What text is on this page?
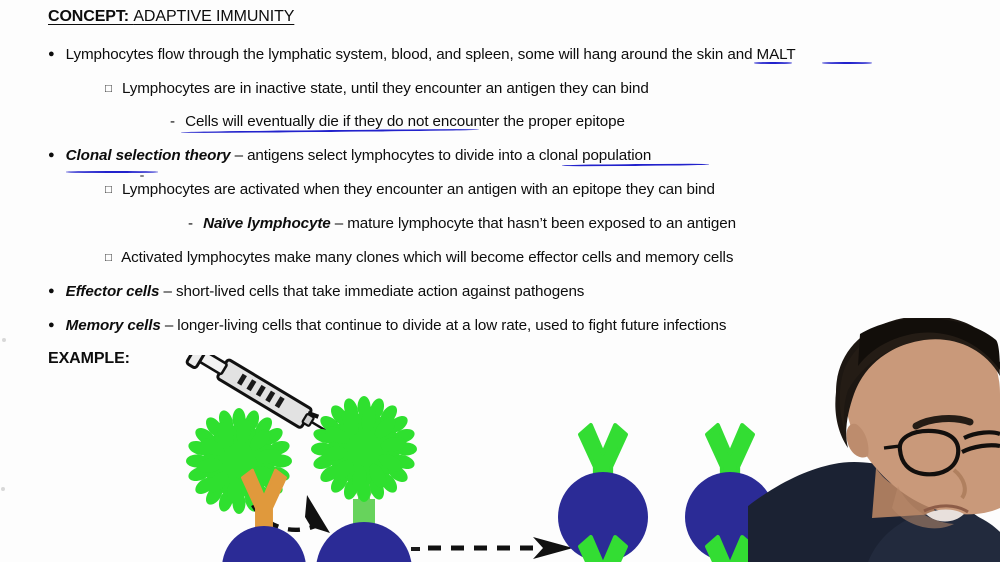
CONCEPT: ADAPTIVE IMMUNITY
● Lymphocytes flow through the lymphatic system, blood, and spleen, some will hang around the skin and MALT
□ Lymphocytes are in inactive state, until they encounter an antigen they can bind
- Cells will eventually die if they do not encounter the proper epitope
● Clonal selection theory – antigens select lymphocytes to divide into a clonal population
□ Lymphocytes are activated when they encounter an antigen with an epitope they can bind
- Naïve lymphocyte – mature lymphocyte that hasn’t been exposed to an antigen
□ Activated lymphocytes make many clones which will become effector cells and memory cells
● Effector cells – short-lived cells that take immediate action against pathogens
● Memory cells – longer-living cells that continue to divide at a low rate, used to fight future infections
EXAMPLE:
